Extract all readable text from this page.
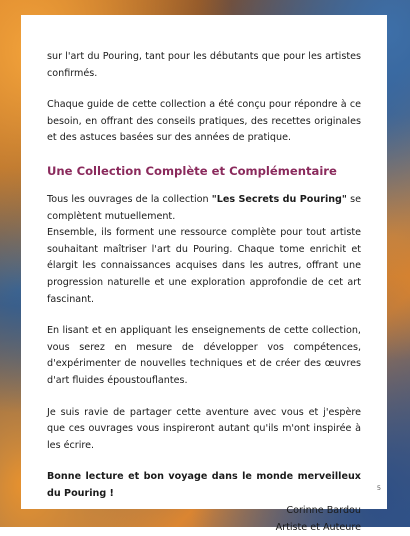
sur l'art du Pouring, tant pour les débutants que pour les artistes confirmés.

Chaque guide de cette collection a été conçu pour répondre à ce besoin, en offrant des conseils pratiques, des recettes originales et des astuces basées sur des années de pratique.

Une Collection Complète et Complémentaire

Tous les ouvrages de la collection "Les Secrets du Pouring" se complètent mutuellement.

Ensemble, ils forment une ressource complète pour tout artiste souhaitant maîtriser l'art du Pouring. Chaque tome enrichit et élargit les connaissances acquises dans les autres, offrant une progression naturelle et une exploration approfondie de cet art fascinant.

En lisant et en appliquant les enseignements de cette collection, vous serez en mesure de développer vos compétences, d'expérimenter de nouvelles techniques et de créer des œuvres d'art fluides époustouflantes.

Je suis ravie de partager cette aventure avec vous et j'espère que ces ouvrages vous inspireront autant qu'ils m'ont inspirée à les écrire.

Bonne lecture et bon voyage dans le monde merveilleux du Pouring !

Corinne Bardou
Artiste et Auteure
5
